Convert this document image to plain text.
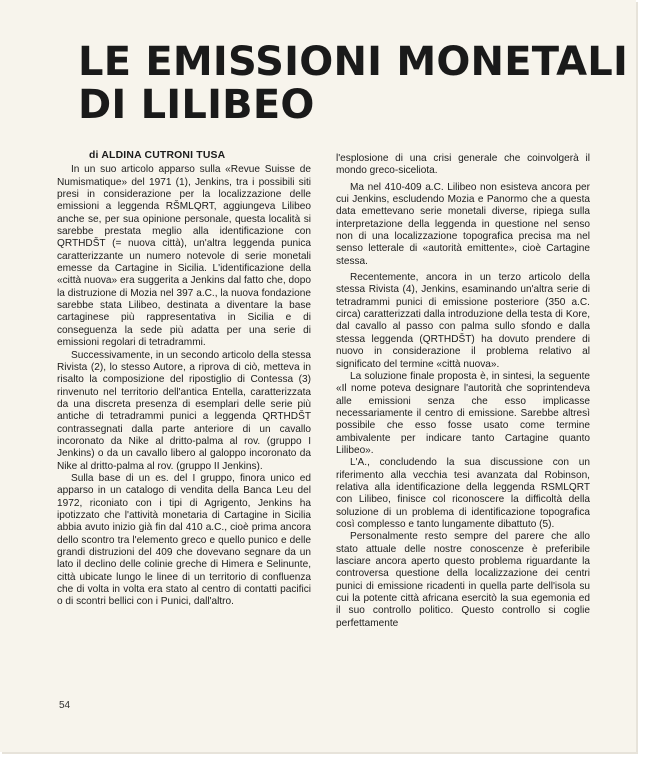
LE EMISSIONI MONETALI
DI LILIBEO
di ALDINA CUTRONI TUSA

In un suo articolo apparso sulla «Revue Suisse de Numismatique» del 1971 (1), Jenkins, tra i possibili siti presi in considerazione per la localizzazione delle emissioni a leggenda RŠMLQRT, aggiungeva Lilibeo anche se, per sua opinione personale, questa località si sarebbe prestata meglio alla identificazione con QRTHDŠT (= nuova città), un'altra leggenda punica caratterizzante un numero notevole di serie monetali emesse da Cartagine in Sicilia. L'identificazione della «città nuova» era suggerita a Jenkins dal fatto che, dopo la distruzione di Mozia nel 397 a.C., la nuova fondazione sarebbe stata Lilibeo, destinata a diventare la base cartaginese più rappresentativa in Sicilia e di conseguenza la sede più adatta per una serie di emissioni regolari di tetradrammi.

Successivamente, in un secondo articolo della stessa Rivista (2), lo stesso Autore, a riprova di ciò, metteva in risalto la composizione del ripostiglio di Contessa (3) rinvenuto nel territorio dell'antica Entella, caratterizzata da una discreta presenza di esemplari delle serie più antiche di tetradrammi punici a leggenda QRTHDŠT contrassegnati dalla parte anteriore di un cavallo incoronato da Nike al dritto-palma al rov. (gruppo I Jenkins) o da un cavallo libero al galoppo incoronato da Nike al dritto-palma al rov. (gruppo II Jenkins).

Sulla base di un es. del I gruppo, finora unico ed apparso in un catalogo di vendita della Banca Leu del 1972, riconiato con i tipi di Agrigento, Jenkins ha ipotizzato che l'attività monetaria di Cartagine in Sicilia abbia avuto inizio già fin dal 410 a.C., cioè prima ancora dello scontro tra l'elemento greco e quello punico e delle grandi distruzioni del 409 che dovevano segnare da un lato il declino delle colinie greche di Himera e Selinunte, città ubicate lungo le linee di un territorio di confluenza che di volta in volta era stato al centro di contatti pacifici o di scontri bellici con i Punici, dall'altro.

l'esplosione di una crisi generale che coinvolgerà il mondo greco-siceliota.

Ma nel 410-409 a.C. Lilibeo non esisteva ancora per cui Jenkins, escludendo Mozia e Panormo che a questa data emettevano serie monetali diverse, ripiega sulla interpretazione della leggenda in questione nel senso non di una localizzazione topografica precisa ma nel senso letterale di «autorità emittente», cioè Cartagine stessa.

Recentemente, ancora in un terzo articolo della stessa Rivista (4), Jenkins, esaminando un'altra serie di tetradrammi punici di emissione posteriore (350 a.C. circa) caratterizzati dalla introduzione della testa di Kore, dal cavallo al passo con palma sullo sfondo e dalla stessa leggenda (QRTHDŠT) ha dovuto prendere di nuovo in considerazione il problema relativo al significato del termine «città nuova».

La soluzione finale proposta è, in sintesi, la seguente «Il nome poteva designare l'autorità che soprintendeva alle emissioni senza che esso implicasse necessariamente il centro di emissione. Sarebbe altresì possibile che esso fosse usato come termine ambivalente per indicare tanto Cartagine quanto Lilibeo».

L'A., concludendo la sua discussione con un riferimento alla vecchia tesi avanzata dal Robinson, relativa alla identificazione della leggenda RSMLQRT con Lilibeo, finisce col riconoscere la difficoltà della soluzione di un problema di identificazione topografica così complesso e tanto lungamente dibattuto (5).

Personalmente resto sempre del parere che allo stato attuale delle nostre conoscenze è preferibile lasciare ancora aperto questo problema riguardante la controversa questione della localizzazione dei centri punici di emissione ricadenti in quella parte dell'isola su cui la potente città africana esercitò la sua egemonia ed il suo controllo politico. Questo controllo si coglie perfettamente

54
